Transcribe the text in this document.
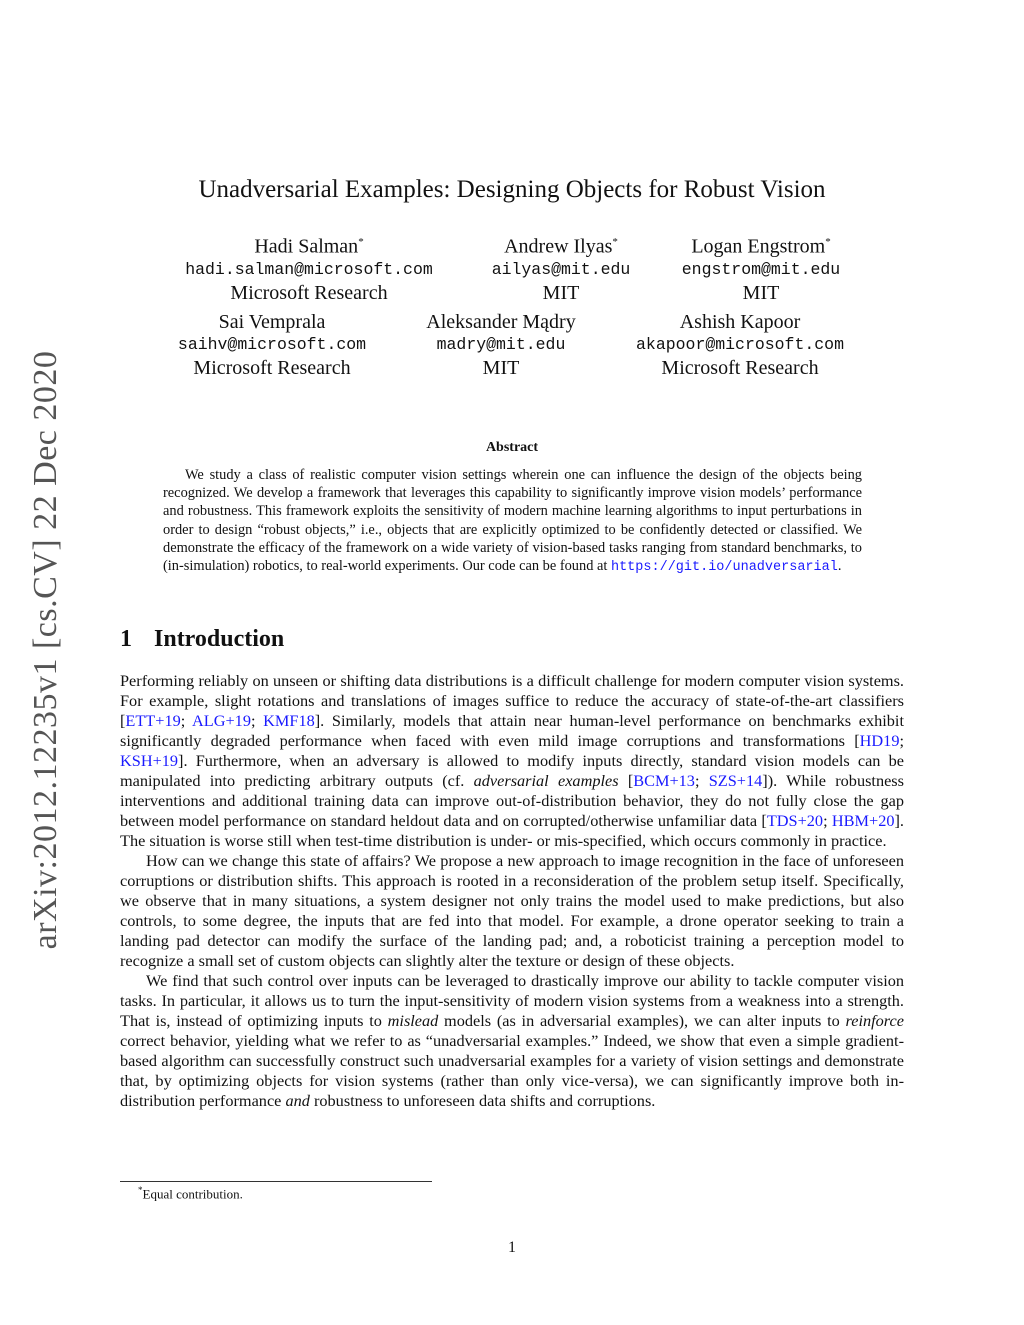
arXiv:2012.12235v1 [cs.CV] 22 Dec 2020
Unadversarial Examples: Designing Objects for Robust Vision
Hadi Salman*
hadi.salman@microsoft.com
Microsoft Research
Andrew Ilyas*
ailyas@mit.edu
MIT
Logan Engstrom*
engstrom@mit.edu
MIT
Sai Vemprala
saihv@microsoft.com
Microsoft Research
Aleksander Mądry
madry@mit.edu
MIT
Ashish Kapoor
akapoor@microsoft.com
Microsoft Research
Abstract

We study a class of realistic computer vision settings wherein one can influence the design of the objects being recognized. We develop a framework that leverages this capability to significantly improve vision models’ performance and robustness. This framework exploits the sensitivity of modern machine learning algorithms to input perturbations in order to design “robust objects,” i.e., objects that are explicitly optimized to be confidently detected or classified. We demonstrate the efficacy of the framework on a wide variety of vision-based tasks ranging from standard benchmarks, to (in-simulation) robotics, to real-world experiments. Our code can be found at https://git.io/unadversarial.

1 Introduction

Performing reliably on unseen or shifting data distributions is a difficult challenge for modern computer vision systems. For example, slight rotations and translations of images suffice to reduce the accuracy of state-of-the-art classifiers [ETT+19; ALG+19; KMF18]. Similarly, models that attain near human-level performance on benchmarks exhibit significantly degraded performance when faced with even mild image corruptions and transformations [HD19; KSH+19]. Furthermore, when an adversary is allowed to modify inputs directly, standard vision models can be manipulated into predicting arbitrary outputs (cf. adversarial examples [BCM+13; SZS+14]). While robustness interventions and additional training data can improve out-of-distribution behavior, they do not fully close the gap between model performance on standard heldout data and on corrupted/otherwise unfamiliar data [TDS+20; HBM+20]. The situation is worse still when test-time distribution is under- or mis-specified, which occurs commonly in practice.

How can we change this state of affairs? We propose a new approach to image recognition in the face of unforeseen corruptions or distribution shifts. This approach is rooted in a reconsideration of the problem setup itself. Specifically, we observe that in many situations, a system designer not only trains the model used to make predictions, but also controls, to some degree, the inputs that are fed into that model. For example, a drone operator seeking to train a landing pad detector can modify the surface of the landing pad; and, a roboticist training a perception model to recognize a small set of custom objects can slightly alter the texture or design of these objects.

We find that such control over inputs can be leveraged to drastically improve our ability to tackle computer vision tasks. In particular, it allows us to turn the input-sensitivity of modern vision systems from a weakness into a strength. That is, instead of optimizing inputs to mislead models (as in adversarial examples), we can alter inputs to reinforce correct behavior, yielding what we refer to as “unadversarial examples.” Indeed, we show that even a simple gradient-based algorithm can successfully construct such unadversarial examples for a variety of vision settings and demonstrate that, by optimizing objects for vision systems (rather than only vice-versa), we can significantly improve both in-distribution performance and robustness to unforeseen data shifts and corruptions.

*Equal contribution.
1
